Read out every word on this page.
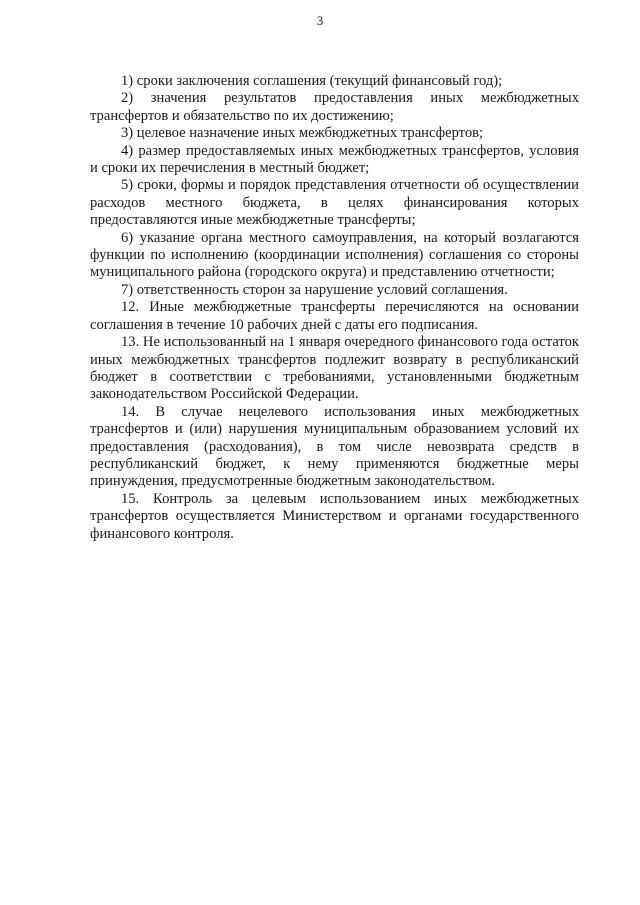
3

1) сроки заключения соглашения (текущий финансовый год);

2) значения результатов предоставления иных межбюджетных трансфертов и обязательство по их достижению;

3) целевое назначение иных межбюджетных трансфертов;

4) размер предоставляемых иных межбюджетных трансфертов, условия и сроки их перечисления в местный бюджет;

5) сроки, формы и порядок представления отчетности об осуществлении расходов местного бюджета, в целях финансирования которых предоставляются иные межбюджетные трансферты;

6) указание органа местного самоуправления, на который возлагаются функции по исполнению (координации исполнения) соглашения со стороны муниципального района (городского округа) и представлению отчетности;

7) ответственность сторон за нарушение условий соглашения.

12. Иные межбюджетные трансферты перечисляются на основании соглашения в течение 10 рабочих дней с даты его подписания.

13. Не использованный на 1 января очередного финансового года остаток иных межбюджетных трансфертов подлежит возврату в республиканский бюджет в соответствии с требованиями, установленными бюджетным законодательством Российской Федерации.

14. В случае нецелевого использования иных межбюджетных трансфертов и (или) нарушения муниципальным образованием условий их предоставления (расходования), в том числе невозврата средств в республиканский бюджет, к нему применяются бюджетные меры принуждения, предусмотренные бюджетным законодательством.

15. Контроль за целевым использованием иных межбюджетных трансфертов осуществляется Министерством и органами государственного финансового контроля.
